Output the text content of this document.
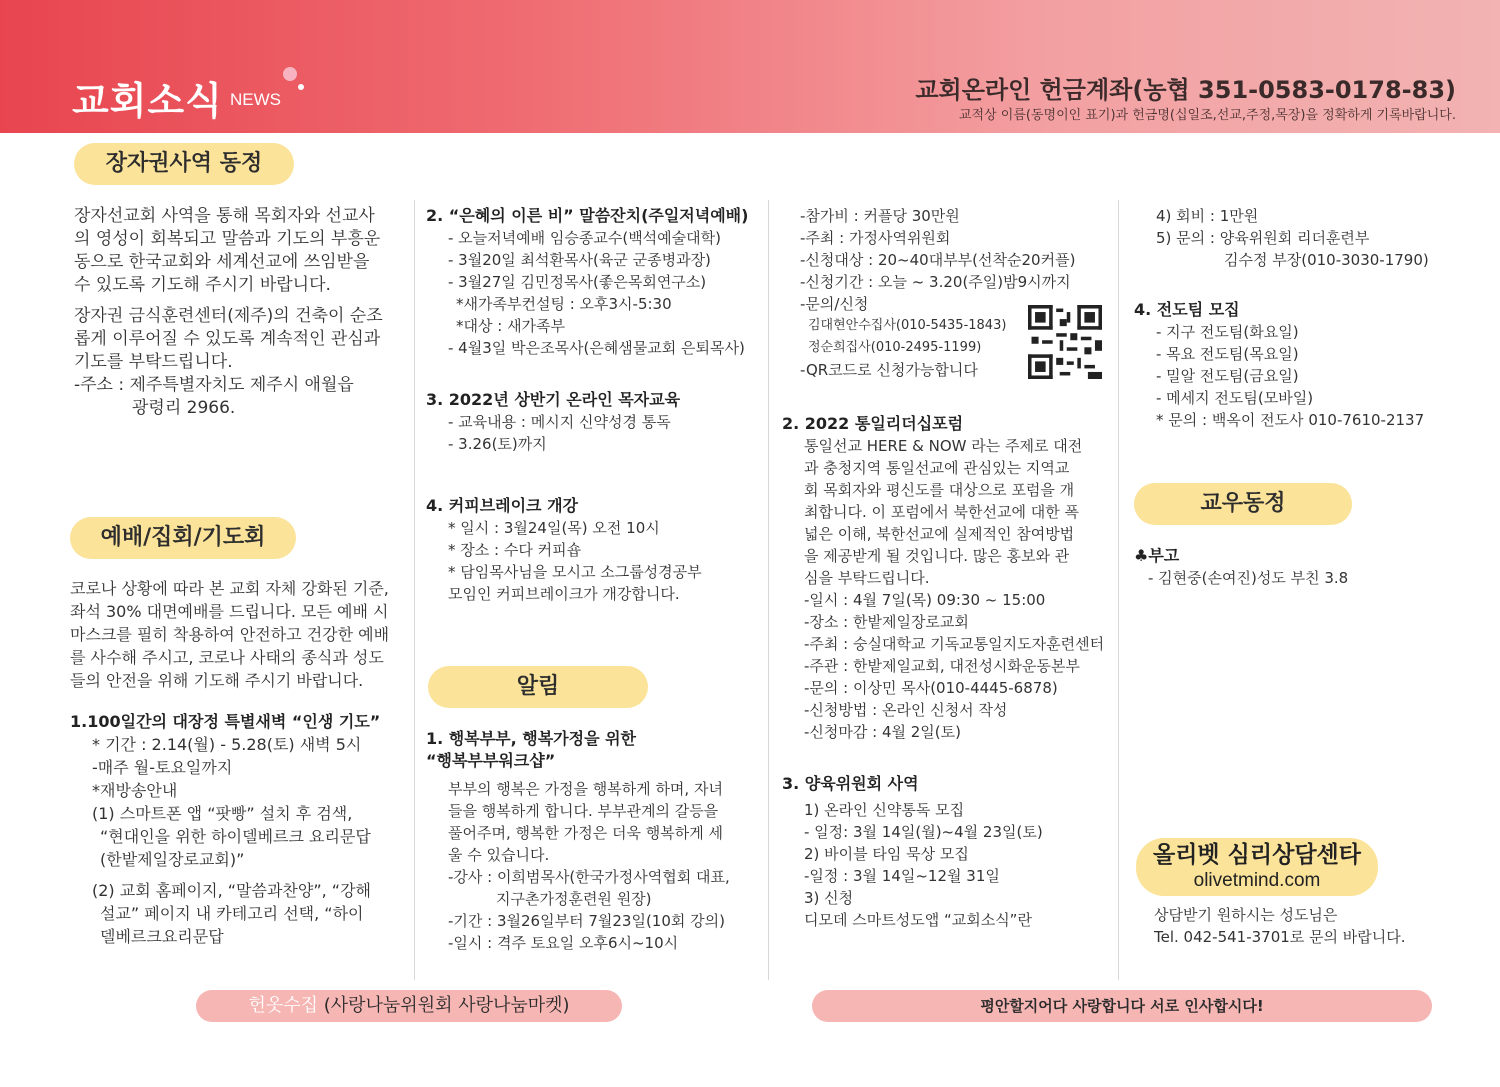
교회소식 NEWS	교회온라인 헌금계좌(농협 351-0583-0178-83)
교적상 이름(동명이인 표기)과 헌금명(십일조,선교,주정,목장)을 정확하게 기록바랍니다.
장자권사역 동정

장자선교회 사역을 통해 목회자와 선교사

의 영성이 회복되고 말씀과 기도의 부흥운

동으로 한국교회와 세계선교에 쓰임받을

수 있도록 기도해 주시기 바랍니다.

장자권 금식훈련센터(제주)의 건축이 순조

롭게 이루어질 수 있도록 계속적인 관심과

기도를 부탁드립니다.

-주소 : 제주특별자치도 제주시 애월읍

광령리 2966.

예배/집회/기도회

코로나 상황에 따라 본 교회 자체 강화된 기준,

좌석 30% 대면예배를 드립니다. 모든 예배 시

마스크를 필히 착용하여 안전하고 건강한 예배

를 사수해 주시고, 코로나 사태의 종식과 성도

들의 안전을 위해 기도해 주시기 바랍니다.

1.100일간의 대장정 특별새벽 “인생 기도”

* 기간 : 2.14(월) - 5.28(토) 새벽 5시

-매주 월-토요일까지

*재방송안내

(1) 스마트폰 앱 “팟빵” 설치 후 검색,

“현대인을 위한 하이델베르크 요리문답

(한밭제일장로교회)”

(2) 교회 홈페이지, “말씀과찬양”, “강해

설교” 페이지 내 카테고리 선택, “하이

델베르크요리문답

2. “은혜의 이른 비” 말씀잔치(주일저녁예배)

- 오늘저녁예배 임승종교수(백석예술대학)

- 3월20일 최석환목사(육군 군종병과장)

- 3월27일 김민정목사(좋은목회연구소)

*새가족부컨설팅 : 오후3시-5:30

*대상 : 새가족부

- 4월3일 박은조목사(은혜샘물교회 은퇴목사)

3. 2022년 상반기 온라인 목자교육

- 교육내용 : 메시지 신약성경 통독

- 3.26(토)까지

4. 커피브레이크 개강

* 일시 : 3월24일(목) 오전 10시

* 장소 : 수다 커피숍

* 담임목사님을 모시고 소그룹성경공부

모임인 커피브레이크가 개강합니다.

알림

1. 행복부부, 행복가정을 위한

“행복부부워크샵”

부부의 행복은 가정을 행복하게 하며, 자녀

들을 행복하게 합니다. 부부관계의 갈등을

풀어주며, 행복한 가정은 더욱 행복하게 세

울 수 있습니다.

-강사 : 이희범목사(한국가정사역협회 대표,

지구촌가정훈련원 원장)

-기간 : 3월26일부터 7월23일(10회 강의)

-일시 : 격주 토요일 오후6시~10시

-참가비 : 커플당 30만원

-주최 : 가정사역위원회

-신청대상 : 20~40대부부(선착순20커플)

-신청기간 : 오늘 ~ 3.20(주일)밤9시까지

-문의/신청

김대현안수집사(010-5435-1843)

정순희집사(010-2495-1199)

-QR코드로 신청가능합니다

2. 2022 통일리더십포럼

통일선교 HERE & NOW 라는 주제로 대전

과 충청지역 통일선교에 관심있는 지역교

회 목회자와 평신도를 대상으로 포럼을 개

최합니다. 이 포럼에서 북한선교에 대한 폭

넓은 이해, 북한선교에 실제적인 참여방법

을 제공받게 될 것입니다. 많은 홍보와 관

심을 부탁드립니다.

-일시 : 4월 7일(목) 09:30 ~ 15:00

-장소 : 한밭제일장로교회

-주최 : 숭실대학교 기독교통일지도자훈련센터

-주관 : 한밭제일교회, 대전성시화운동본부

-문의 : 이상민 목사(010-4445-6878)

-신청방법 : 온라인 신청서 작성

-신청마감 : 4월 2일(토)

3. 양육위원회 사역

1) 온라인 신약통독 모집

- 일정: 3월 14일(월)~4월 23일(토)

2) 바이블 타임 묵상 모집

-일정 : 3월 14일~12월 31일

3) 신청

디모데 스마트성도앱 “교회소식”란

4) 회비 : 1만원

5) 문의 : 양육위원회 리더훈련부

김수정 부장(010-3030-1790)

4. 전도팀 모집

- 지구 전도팀(화요일)

- 목요 전도팀(목요일)

- 밀알 전도팀(금요일)

- 메세지 전도팀(모바일)

* 문의 : 백옥이 전도사 010-7610-2137

교우동정

♣부고

- 김현중(손여진)성도 부친 3.8

올리벳 심리상담센타
olivetmind.com

상담받기 원하시는 성도님은

Tel. 042-541-3701로 문의 바랍니다.

헌옷수집 (사랑나눔위원회 사랑나눔마켓)	평안할지어다 사랑합니다 서로 인사합시다!
